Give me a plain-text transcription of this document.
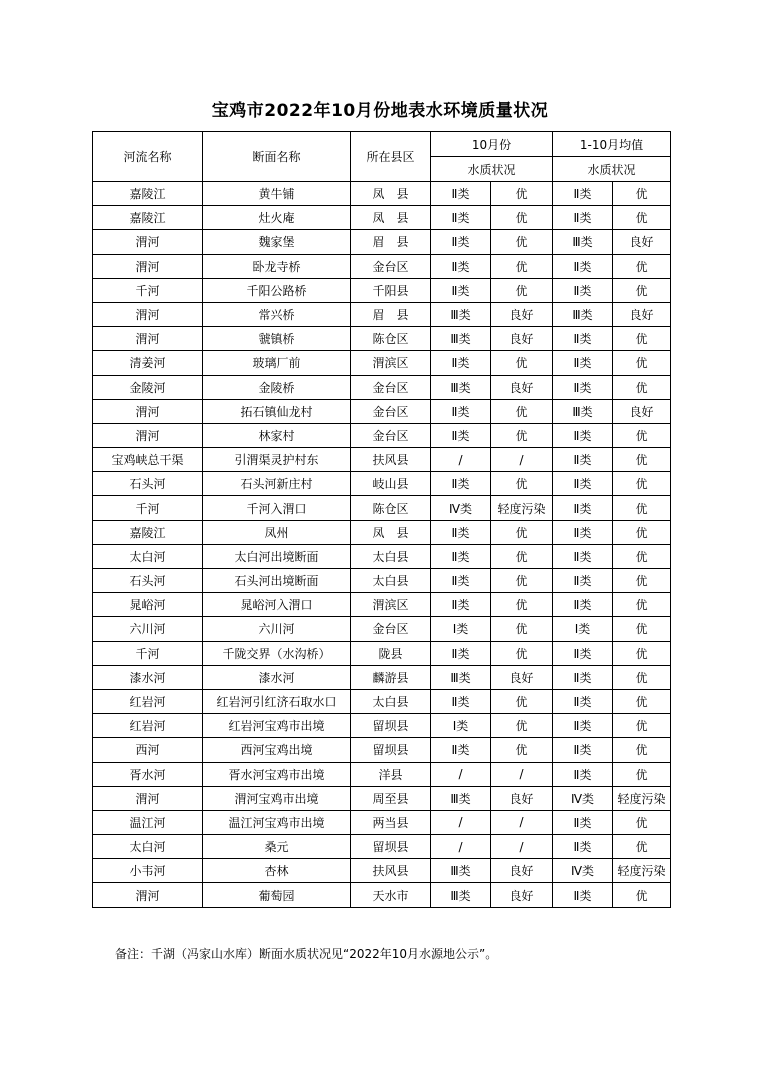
宝鸡市2022年10月份地表水环境质量状况
河流名称	断面名称	所在县区	10月份		1-10月均值	
			水质状况		水质状况	
嘉陵江	黄牛铺	凤　县	Ⅱ类	优	Ⅱ类	优
嘉陵江	灶火庵	凤　县	Ⅱ类	优	Ⅱ类	优
渭河	魏家堡	眉　县	Ⅱ类	优	Ⅲ类	良好
渭河	卧龙寺桥	金台区	Ⅱ类	优	Ⅱ类	优
千河	千阳公路桥	千阳县	Ⅱ类	优	Ⅱ类	优
渭河	常兴桥	眉　县	Ⅲ类	良好	Ⅲ类	良好
渭河	虢镇桥	陈仓区	Ⅲ类	良好	Ⅱ类	优
清姜河	玻璃厂前	渭滨区	Ⅱ类	优	Ⅱ类	优
金陵河	金陵桥	金台区	Ⅲ类	良好	Ⅱ类	优
渭河	拓石镇仙龙村	金台区	Ⅱ类	优	Ⅲ类	良好
渭河	林家村	金台区	Ⅱ类	优	Ⅱ类	优
宝鸡峡总干渠	引渭渠灵护村东	扶风县	/	/	Ⅱ类	优
石头河	石头河新庄村	岐山县	Ⅱ类	优	Ⅱ类	优
千河	千河入渭口	陈仓区	Ⅳ类	轻度污染	Ⅱ类	优
嘉陵江	凤州	凤　县	Ⅱ类	优	Ⅱ类	优
太白河	太白河出境断面	太白县	Ⅱ类	优	Ⅱ类	优
石头河	石头河出境断面	太白县	Ⅱ类	优	Ⅱ类	优
晁峪河	晁峪河入渭口	渭滨区	Ⅱ类	优	Ⅱ类	优
六川河	六川河	金台区	Ⅰ类	优	Ⅰ类	优
千河	千陇交界（水沟桥）	陇县	Ⅱ类	优	Ⅱ类	优
漆水河	漆水河	麟游县	Ⅲ类	良好	Ⅱ类	优
红岩河	红岩河引红济石取水口	太白县	Ⅱ类	优	Ⅱ类	优
红岩河	红岩河宝鸡市出境	留坝县	Ⅰ类	优	Ⅱ类	优
西河	西河宝鸡出境	留坝县	Ⅱ类	优	Ⅱ类	优
胥水河	胥水河宝鸡市出境	洋县	/	/	Ⅱ类	优
渭河	渭河宝鸡市出境	周至县	Ⅲ类	良好	Ⅳ类	轻度污染
温江河	温江河宝鸡市出境	两当县	/	/	Ⅱ类	优
太白河	桑元	留坝县	/	/	Ⅱ类	优
小韦河	杏林	扶风县	Ⅲ类	良好	Ⅳ类	轻度污染
渭河	葡萄园	天水市	Ⅲ类	良好	Ⅱ类	优
备注：千湖（冯家山水库）断面水质状况见“2022年10月水源地公示”。
